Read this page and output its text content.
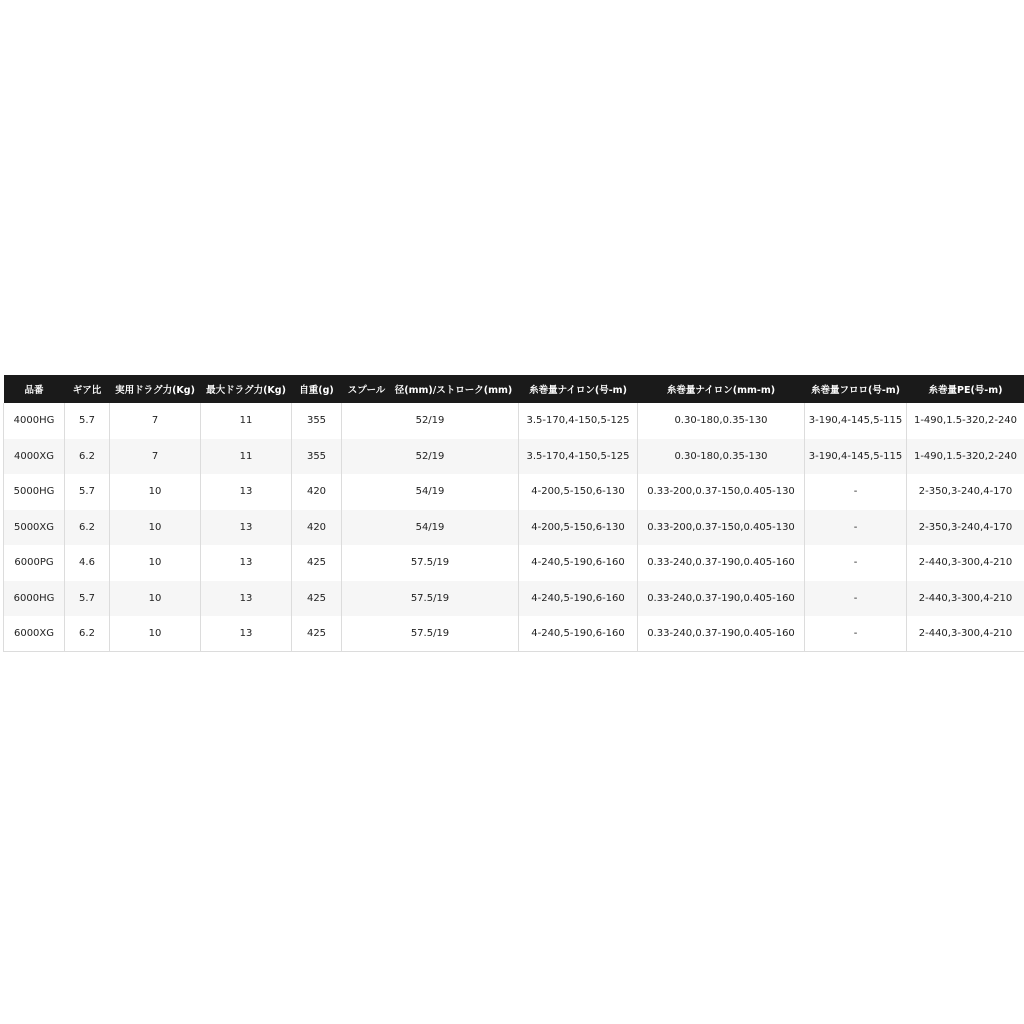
品番	ギア比	実用ドラグ力(Kg)	最大ドラグ力(Kg)	自重(g)	スプール　径(mm)/ストローク(mm)	糸巻量ナイロン(号-m)	糸巻量ナイロン(mm-m)	糸巻量フロロ(号-m)	糸巻量PE(号-m)	
4000HG	5.7	7	11	355	52/19	3.5-170,4-150,5-125	0.30-180,0.35-130	3-190,4-145,5-115	1-490,1.5-320,2-240	
4000XG	6.2	7	11	355	52/19	3.5-170,4-150,5-125	0.30-180,0.35-130	3-190,4-145,5-115	1-490,1.5-320,2-240	
5000HG	5.7	10	13	420	54/19	4-200,5-150,6-130	0.33-200,0.37-150,0.405-130	-	2-350,3-240,4-170	
5000XG	6.2	10	13	420	54/19	4-200,5-150,6-130	0.33-200,0.37-150,0.405-130	-	2-350,3-240,4-170	
6000PG	4.6	10	13	425	57.5/19	4-240,5-190,6-160	0.33-240,0.37-190,0.405-160	-	2-440,3-300,4-210	
6000HG	5.7	10	13	425	57.5/19	4-240,5-190,6-160	0.33-240,0.37-190,0.405-160	-	2-440,3-300,4-210	
6000XG	6.2	10	13	425	57.5/19	4-240,5-190,6-160	0.33-240,0.37-190,0.405-160	-	2-440,3-300,4-210	
